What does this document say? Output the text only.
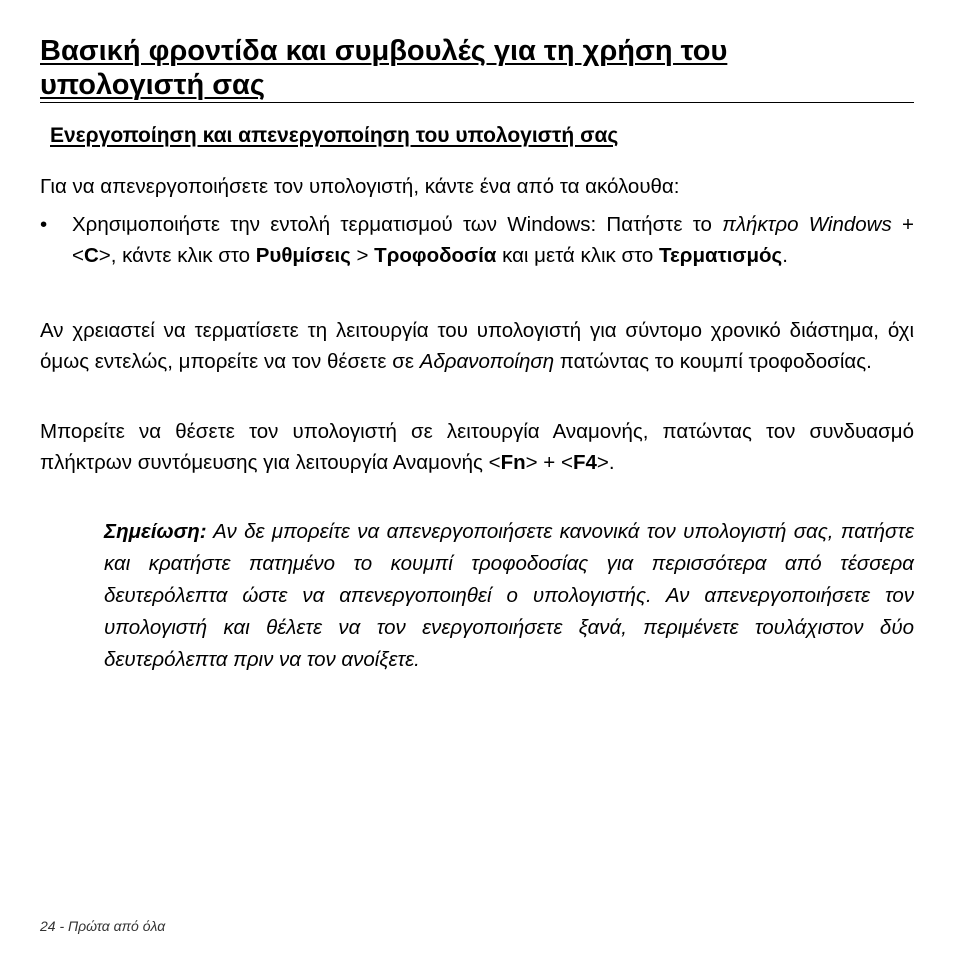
Βασική φροντίδα και συμβουλές για τη χρήση του
υπολογιστή σας
Ενεργοποίηση και απενεργοποίηση του υπολογιστή σας

Για να απενεργοποιήσετε τον υπολογιστή, κάντε ένα από τα ακόλουθα:

• Χρησιμοποιήστε την εντολή τερματισμού των Windows: Πατήστε το πλήκτρο Windows + <C>, κάντε κλικ στο Ρυθμίσεις > Τροφοδοσία και μετά κλικ στο Τερματισμός.

Αν χρειαστεί να τερματίσετε τη λειτουργία του υπολογιστή για σύντομο χρονικό διάστημα, όχι όμως εντελώς, μπορείτε να τον θέσετε σε Αδρανοποίηση πατώντας το κουμπί τροφοδοσίας.

Μπορείτε να θέσετε τον υπολογιστή σε λειτουργία Αναμονής, πατώντας τον συνδυασμό πλήκτρων συντόμευσης για λειτουργία Αναμονής <Fn> + <F4>.

Σημείωση: Αν δε μπορείτε να απενεργοποιήσετε κανονικά τον υπολογιστή σας, πατήστε και κρατήστε πατημένο το κουμπί τροφοδοσίας για περισσότερα από τέσσερα δευτερόλεπτα ώστε να απενεργοποιηθεί ο υπολογιστής. Αν απενεργοποιήσετε τον υπολογιστή και θέλετε να τον ενεργοποιήσετε ξανά, περιμένετε τουλάχιστον δύο δευτερόλεπτα πριν να τον ανοίξετε.

24 - Πρώτα από όλα
